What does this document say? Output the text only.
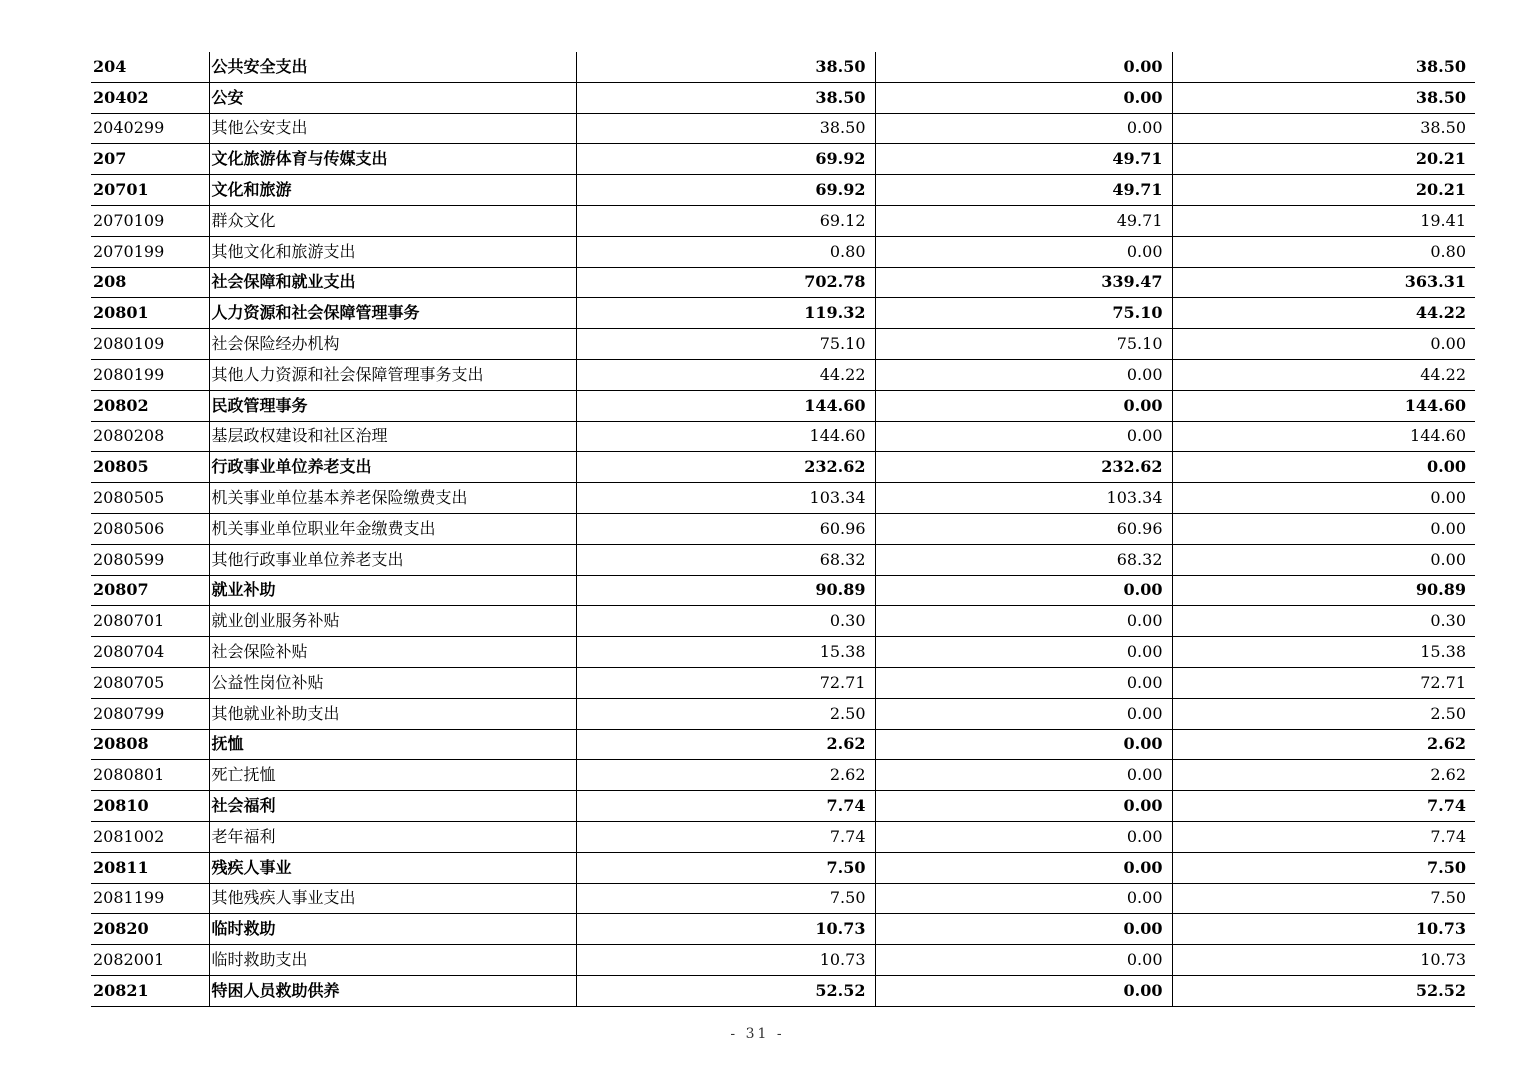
204	公共安全支出	38.50	0.00	38.50
20402	公安	38.50	0.00	38.50
2040299	其他公安支出	38.50	0.00	38.50
207	文化旅游体育与传媒支出	69.92	49.71	20.21
20701	文化和旅游	69.92	49.71	20.21
2070109	群众文化	69.12	49.71	19.41
2070199	其他文化和旅游支出	0.80	0.00	0.80
208	社会保障和就业支出	702.78	339.47	363.31
20801	人力资源和社会保障管理事务	119.32	75.10	44.22
2080109	社会保险经办机构	75.10	75.10	0.00
2080199	其他人力资源和社会保障管理事务支出	44.22	0.00	44.22
20802	民政管理事务	144.60	0.00	144.60
2080208	基层政权建设和社区治理	144.60	0.00	144.60
20805	行政事业单位养老支出	232.62	232.62	0.00
2080505	机关事业单位基本养老保险缴费支出	103.34	103.34	0.00
2080506	机关事业单位职业年金缴费支出	60.96	60.96	0.00
2080599	其他行政事业单位养老支出	68.32	68.32	0.00
20807	就业补助	90.89	0.00	90.89
2080701	就业创业服务补贴	0.30	0.00	0.30
2080704	社会保险补贴	15.38	0.00	15.38
2080705	公益性岗位补贴	72.71	0.00	72.71
2080799	其他就业补助支出	2.50	0.00	2.50
20808	抚恤	2.62	0.00	2.62
2080801	死亡抚恤	2.62	0.00	2.62
20810	社会福利	7.74	0.00	7.74
2081002	老年福利	7.74	0.00	7.74
20811	残疾人事业	7.50	0.00	7.50
2081199	其他残疾人事业支出	7.50	0.00	7.50
20820	临时救助	10.73	0.00	10.73
2082001	临时救助支出	10.73	0.00	10.73
20821	特困人员救助供养	52.52	0.00	52.52
- 31 -
